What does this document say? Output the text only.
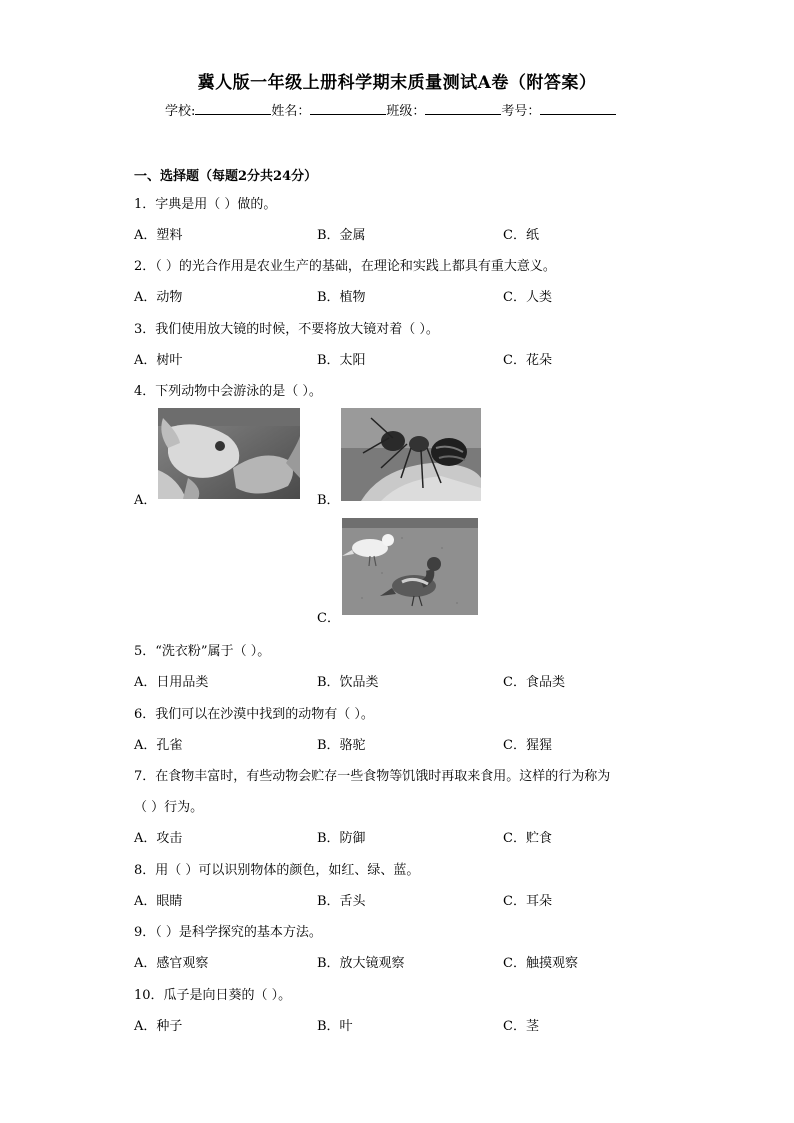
冀人版一年级上册科学期末质量测试A卷（附答案）
学校:	姓名：	班级：	考号：
一、选择题（每题2分共24分）
1．字典是用（ ）做的。
A．塑料	B．金属	C．纸
2．（ ）的光合作用是农业生产的基础，在理论和实践上都具有重大意义。
A．动物	B．植物	C．人类
3．我们使用放大镜的时候，不要将放大镜对着（ ）。
A．树叶	B．太阳	C．花朵
4．下列动物中会游泳的是（ ）。
A．	B．
C．
5．“洗衣粉”属于（ ）。
A．日用品类	B．饮品类	C．食品类
6．我们可以在沙漠中找到的动物有（ ）。
A．孔雀	B．骆驼	C．猩猩
7．在食物丰富时，有些动物会贮存一些食物等饥饿时再取来食用。这样的行为称为
（ ）行为。
A．攻击	B．防御	C．贮食
8．用（ ）可以识别物体的颜色，如红、绿、蓝。
A．眼睛	B．舌头	C．耳朵
9．（ ）是科学探究的基本方法。
A．感官观察	B．放大镜观察	C．触摸观察
10．瓜子是向日葵的（ ）。
A．种子	B．叶	C．茎
